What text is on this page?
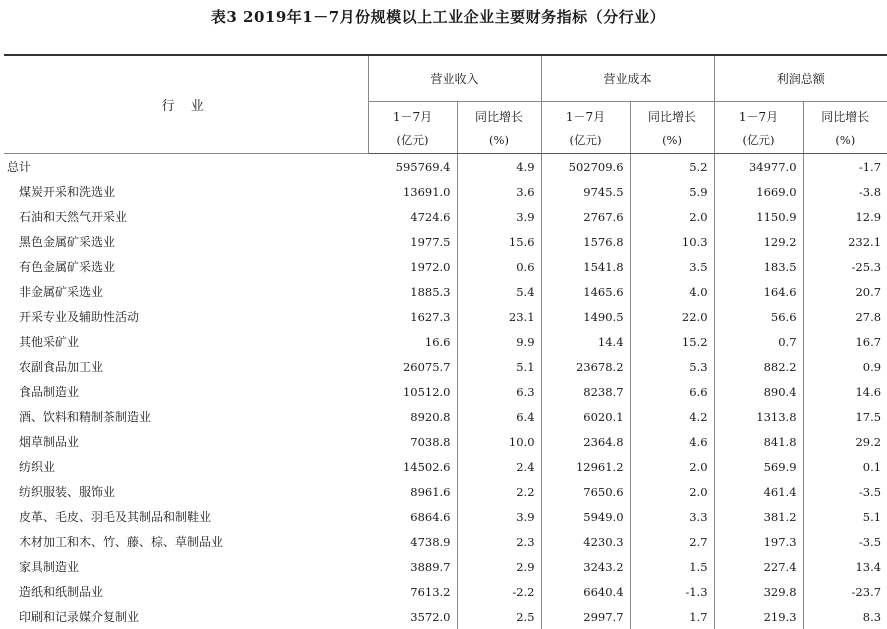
表3 2019年1－7月份规模以上工业企业主要财务指标（分行业）
行 业	营业收入		营业成本		利润总额	
	1－7月	同比增长	1－7月	同比增长	1－7月	同比增长
	(亿元)	(%)	(亿元)	(%)	(亿元)	(%)
总计	595769.4	4.9	502709.6	5.2	34977.0	-1.7
煤炭开采和洗选业	13691.0	3.6	9745.5	5.9	1669.0	-3.8
石油和天然气开采业	4724.6	3.9	2767.6	2.0	1150.9	12.9
黑色金属矿采选业	1977.5	15.6	1576.8	10.3	129.2	232.1
有色金属矿采选业	1972.0	0.6	1541.8	3.5	183.5	-25.3
非金属矿采选业	1885.3	5.4	1465.6	4.0	164.6	20.7
开采专业及辅助性活动	1627.3	23.1	1490.5	22.0	56.6	27.8
其他采矿业	16.6	9.9	14.4	15.2	0.7	16.7
农副食品加工业	26075.7	5.1	23678.2	5.3	882.2	0.9
食品制造业	10512.0	6.3	8238.7	6.6	890.4	14.6
酒、饮料和精制茶制造业	8920.8	6.4	6020.1	4.2	1313.8	17.5
烟草制品业	7038.8	10.0	2364.8	4.6	841.8	29.2
纺织业	14502.6	2.4	12961.2	2.0	569.9	0.1
纺织服装、服饰业	8961.6	2.2	7650.6	2.0	461.4	-3.5
皮革、毛皮、羽毛及其制品和制鞋业	6864.6	3.9	5949.0	3.3	381.2	5.1
木材加工和木、竹、藤、棕、草制品业	4738.9	2.3	4230.3	2.7	197.3	-3.5
家具制造业	3889.7	2.9	3243.2	1.5	227.4	13.4
造纸和纸制品业	7613.2	-2.2	6640.4	-1.3	329.8	-23.7
印刷和记录媒介复制业	3572.0	2.5	2997.7	1.7	219.3	8.3
